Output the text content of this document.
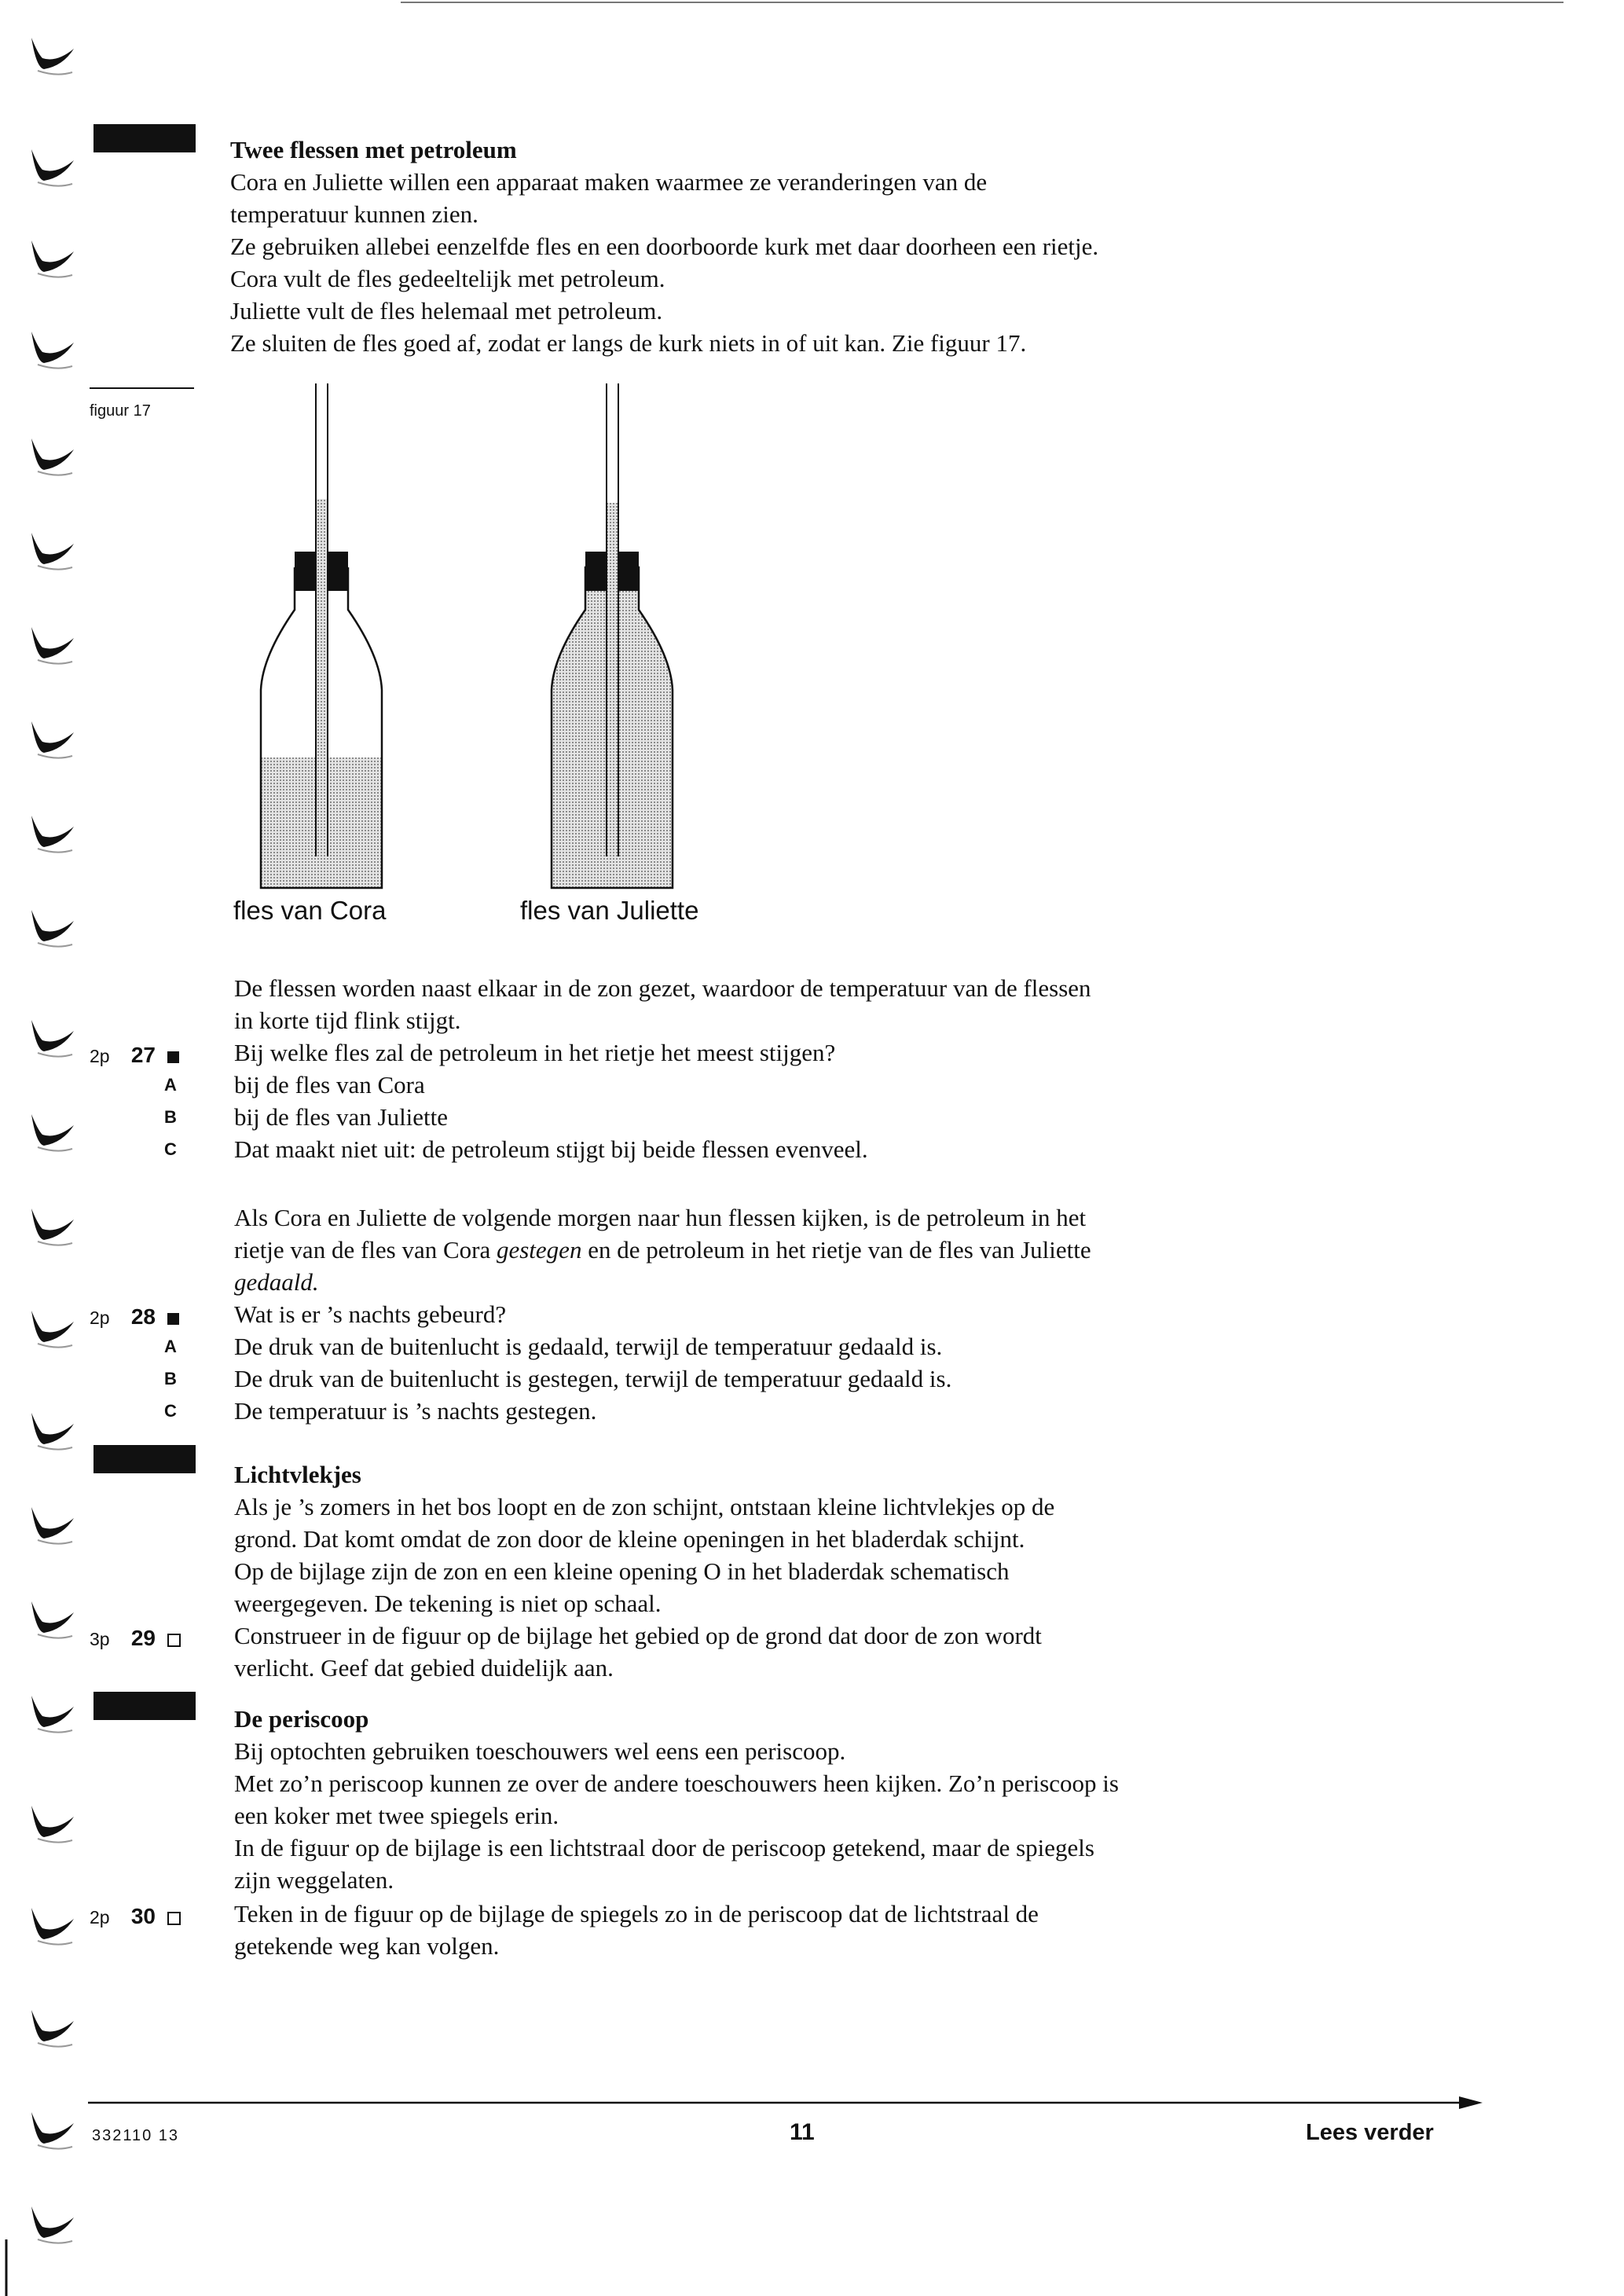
Twee flessen met petroleum
Cora en Juliette willen een apparaat maken waarmee ze veranderingen van de
temperatuur kunnen zien.
Ze gebruiken allebei eenzelfde fles en een doorboorde kurk met daar doorheen een rietje.
Cora vult de fles gedeeltelijk met petroleum.
Juliette vult de fles helemaal met petroleum.
Ze sluiten de fles goed af, zodat er langs de kurk niets in of uit kan. Zie figuur 17.
figuur 17
fles van Cora	fles van Juliette
De flessen worden naast elkaar in de zon gezet, waardoor de temperatuur van de flessen
in korte tijd flink stijgt.
2p 27	Bij welke fles zal de petroleum in het rietje het meest stijgen?
A bij de fles van Cora
B bij de fles van Juliette
C Dat maakt niet uit: de petroleum stijgt bij beide flessen evenveel.
Als Cora en Juliette de volgende morgen naar hun flessen kijken, is de petroleum in het
rietje van de fles van Cora gestegen en de petroleum in het rietje van de fles van Juliette
gedaald.
2p 28	Wat is er ’s nachts gebeurd?
A De druk van de buitenlucht is gedaald, terwijl de temperatuur gedaald is.
B De druk van de buitenlucht is gestegen, terwijl de temperatuur gedaald is.
C De temperatuur is ’s nachts gestegen.
Lichtvlekjes
Als je ’s zomers in het bos loopt en de zon schijnt, ontstaan kleine lichtvlekjes op de
grond. Dat komt omdat de zon door de kleine openingen in het bladerdak schijnt.
Op de bijlage zijn de zon en een kleine opening O in het bladerdak schematisch
weergegeven. De tekening is niet op schaal.
3p 29	Construeer in de figuur op de bijlage het gebied op de grond dat door de zon wordt
verlicht. Geef dat gebied duidelijk aan.
De periscoop
Bij optochten gebruiken toeschouwers wel eens een periscoop.
Met zo’n periscoop kunnen ze over de andere toeschouwers heen kijken. Zo’n periscoop is
een koker met twee spiegels erin.
In de figuur op de bijlage is een lichtstraal door de periscoop getekend, maar de spiegels
zijn weggelaten.
2p 30	Teken in de figuur op de bijlage de spiegels zo in de periscoop dat de lichtstraal de
getekende weg kan volgen.
332110 13	11	Lees verder
